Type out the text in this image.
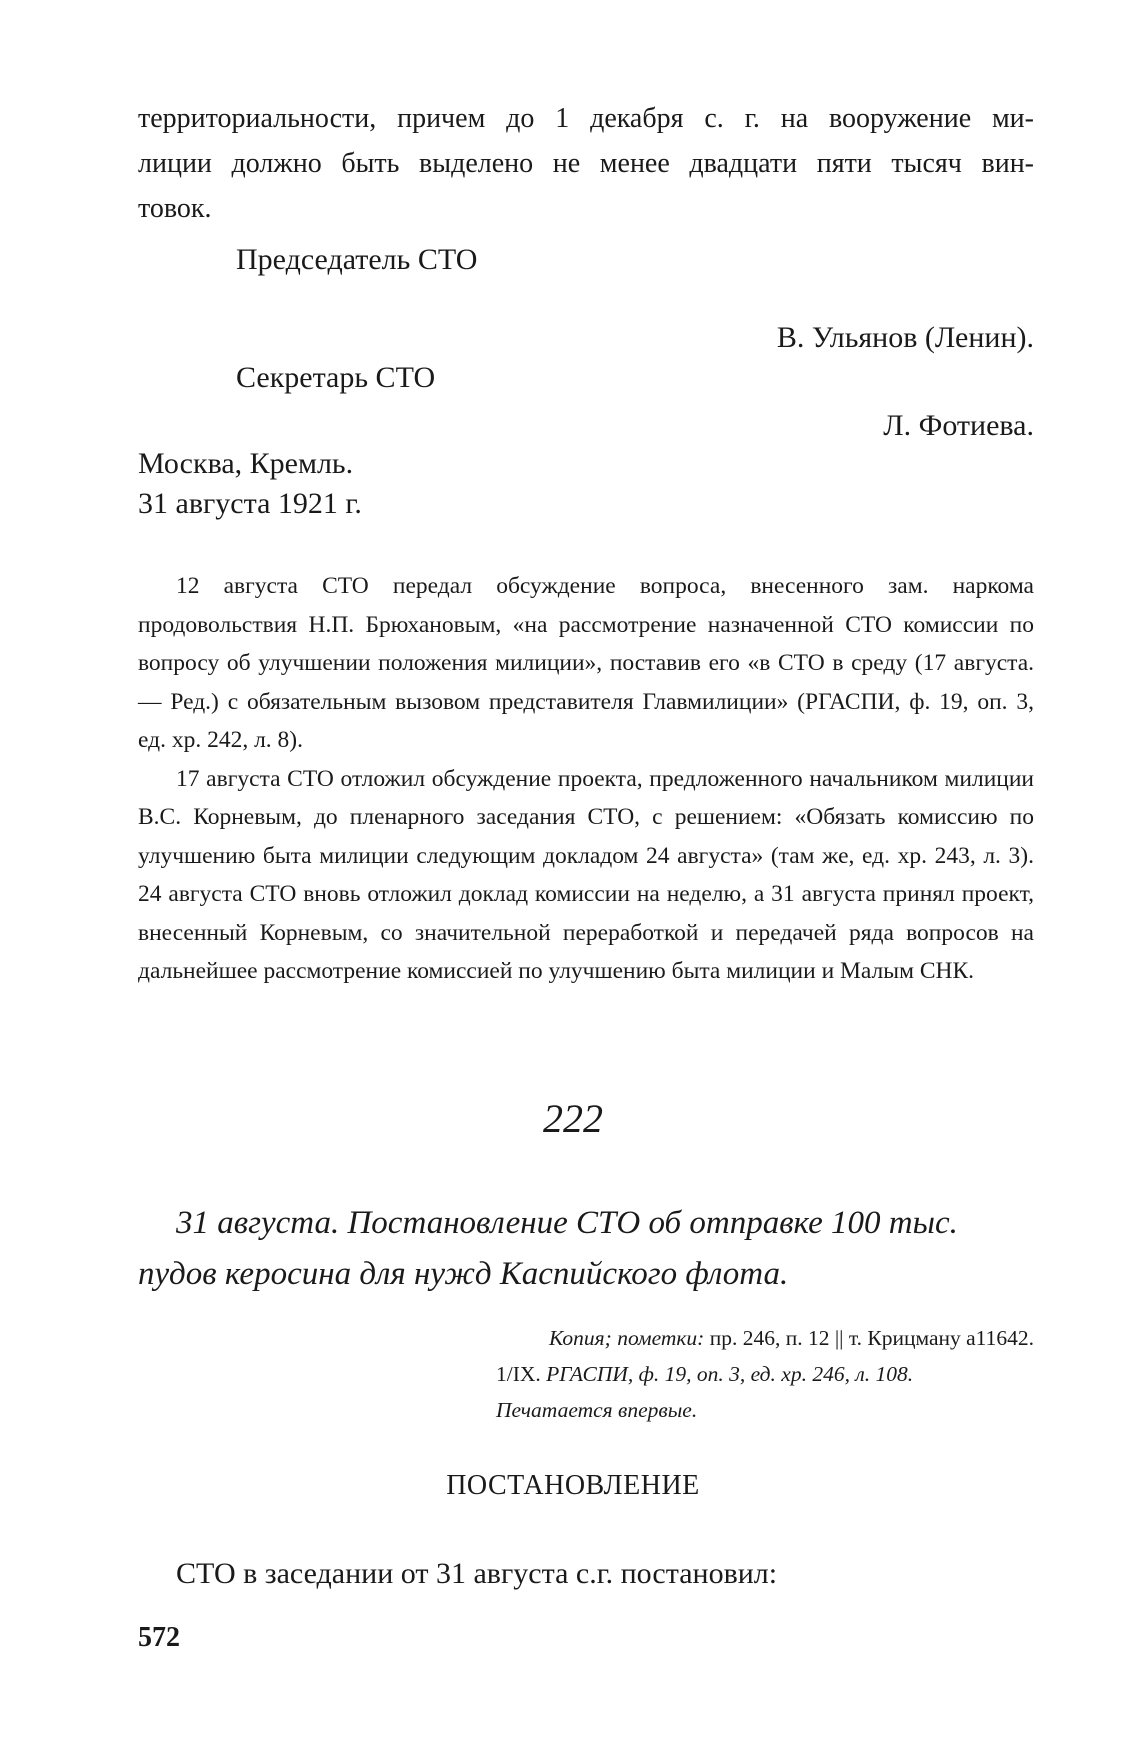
территориальности, причем до 1 декабря с. г. на вооружение ми-

лиции должно быть выделено не менее двадцати пяти тысяч вин-

товок.

Председатель СТО
В. Ульянов (Ленин).
Секретарь СТО
Л. Фотиева.
Москва, Кремль.
31 августа 1921 г.

12 августа СТО передал обсуждение вопроса, внесенного зам. наркома продовольствия Н.П. Брюхановым, «на рассмотрение назначенной СТО комиссии по вопросу об улучшении положения милиции», поставив его «в СТО в среду (17 августа. — Ред.) с обязательным вызовом представителя Главмилиции» (РГАСПИ, ф. 19, оп. 3, ед. хр. 242, л. 8).

17 августа СТО отложил обсуждение проекта, предложенного начальником милиции В.С. Корневым, до пленарного заседания СТО, с решением: «Обязать комиссию по улучшению быта милиции следующим докладом 24 августа» (там же, ед. хр. 243, л. 3). 24 августа СТО вновь отложил доклад комиссии на неделю, а 31 августа принял проект, внесенный Корневым, со значительной переработкой и передачей ряда вопросов на дальнейшее рассмотрение комиссией по улучшению быта милиции и Малым СНК.

222

31 августа. Постановление СТО об отправке 100 тыс. пудов керосина для нужд Каспийского флота.

Копия; пометки: пр. 246, п. 12 || т. Крицману а11642.
1/IX. РГАСПИ, ф. 19, оп. 3, ед. хр. 246, л. 108.
Печатается впервые.
ПОСТАНОВЛЕНИЕ
СТО в заседании от 31 августа с.г. постановил:
572
